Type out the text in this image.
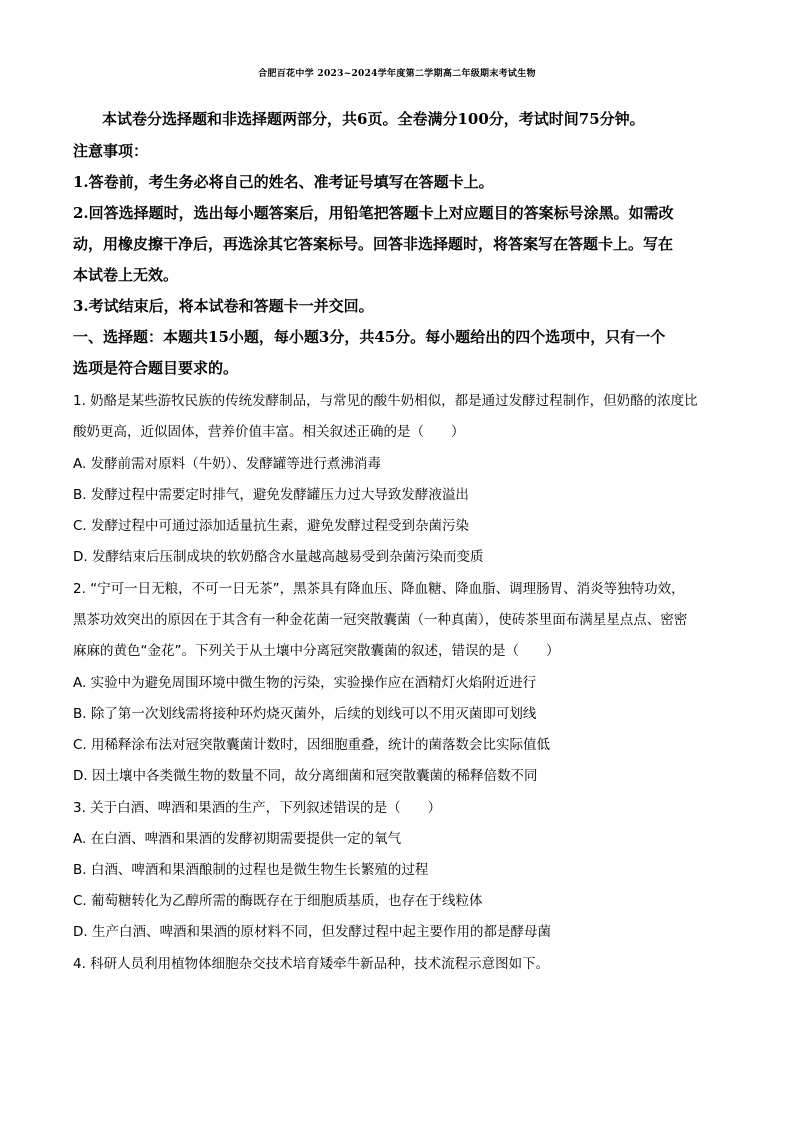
合肥百花中学 2023~2024学年度第二学期高二年级期末考试生物
本试卷分选择题和非选择题两部分，共6页。全卷满分100分，考试时间75分钟。
注意事项：
1.答卷前，考生务必将自己的姓名、准考证号填写在答题卡上。
2.回答选择题时，选出每小题答案后，用铅笔把答题卡上对应题目的答案标号涂黑。如需改
动，用橡皮擦干净后，再选涂其它答案标号。回答非选择题时，将答案写在答题卡上。写在
本试卷上无效。
3.考试结束后，将本试卷和答题卡一并交回。
一、选择题：本题共15小题，每小题3分，共45分。每小题给出的四个选项中，只有一个
选项是符合题目要求的。
1. 奶酪是某些游牧民族的传统发酵制品，与常见的酸牛奶相似，都是通过发酵过程制作，但奶酪的浓度比
酸奶更高，近似固体，营养价值丰富。相关叙述正确的是（　　）
A. 发酵前需对原料（牛奶）、发酵罐等进行煮沸消毒
B. 发酵过程中需要定时排气，避免发酵罐压力过大导致发酵液溢出
C. 发酵过程中可通过添加适量抗生素，避免发酵过程受到杂菌污染
D. 发酵结束后压制成块的软奶酪含水量越高越易受到杂菌污染而变质
2. “宁可一日无粮，不可一日无茶”，黑茶具有降血压、降血糖、降血脂、调理肠胃、消炎等独特功效，
黑茶功效突出的原因在于其含有一种金花菌一冠突散囊菌（一种真菌），使砖茶里面布满星星点点、密密
麻麻的黄色“金花”。下列关于从土壤中分离冠突散囊菌的叙述，错误的是（　　）
A. 实验中为避免周围环境中微生物的污染，实验操作应在酒精灯火焰附近进行
B. 除了第一次划线需将接种环灼烧灭菌外，后续的划线可以不用灭菌即可划线
C. 用稀释涂布法对冠突散囊菌计数时，因细胞重叠，统计的菌落数会比实际值低
D. 因土壤中各类微生物的数量不同，故分离细菌和冠突散囊菌的稀释倍数不同
3. 关于白酒、啤酒和果酒的生产，下列叙述错误的是（　　）
A. 在白酒、啤酒和果酒的发酵初期需要提供一定的氧气
B. 白酒、啤酒和果酒酿制的过程也是微生物生长繁殖的过程
C. 葡萄糖转化为乙醇所需的酶既存在于细胞质基质，也存在于线粒体
D. 生产白酒、啤酒和果酒的原材料不同，但发酵过程中起主要作用的都是酵母菌
4. 科研人员利用植物体细胞杂交技术培育矮牵牛新品种，技术流程示意图如下。
